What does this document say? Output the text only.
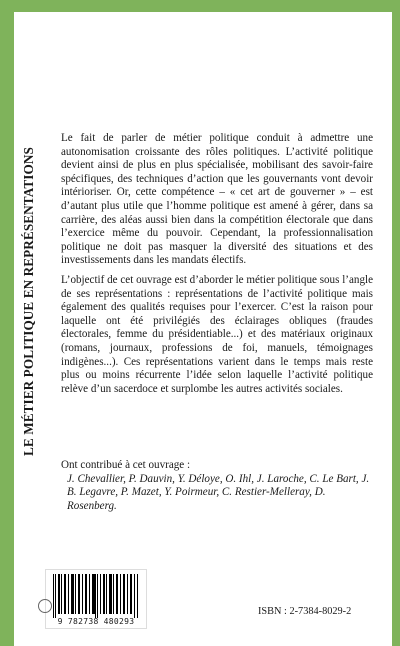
LE MÉTIER POLITIQUE EN REPRÉSENTATIONS

Le fait de parler de métier politique conduit à admettre une autonomisation croissante des rôles politiques. L’activité politique devient ainsi de plus en plus spécialisée, mobilisant des savoir-faire spécifiques, des techniques d’action que les gouvernants vont devoir intérioriser. Or, cette compétence – « cet art de gouverner » – est d’autant plus utile que l’homme politique est amené à gérer, dans sa carrière, des aléas aussi bien dans la compétition électorale que dans l’exercice même du pouvoir. Cependant, la professionnalisation politique ne doit pas masquer la diversité des situations et des investissements dans les mandats électifs.

L’objectif de cet ouvrage est d’aborder le métier politique sous l’angle de ses représentations : représentations de l’activité politique mais également des qualités requises pour l’exercer. C’est la raison pour laquelle ont été privilégiés des éclairages obliques (fraudes électorales, femme du présidentiable...) et des matériaux originaux (romans, journaux, professions de foi, manuels, témoignages indigènes...). Ces représentations varient dans le temps mais reste plus ou moins récurrente l’idée selon laquelle l’activité politique relève d’un sacerdoce et surplombe les autres activités sociales.

Ont contribué à cet ouvrage :
J. Chevallier, P. Dauvin, Y. Déloye, O. Ihl, J. Laroche, C. Le Bart, J. B. Legavre, P. Mazet, Y. Poirmeur, C. Restier-Melleray, D. Rosenberg.
9 782738 480293
ISBN : 2-7384-8029-2
